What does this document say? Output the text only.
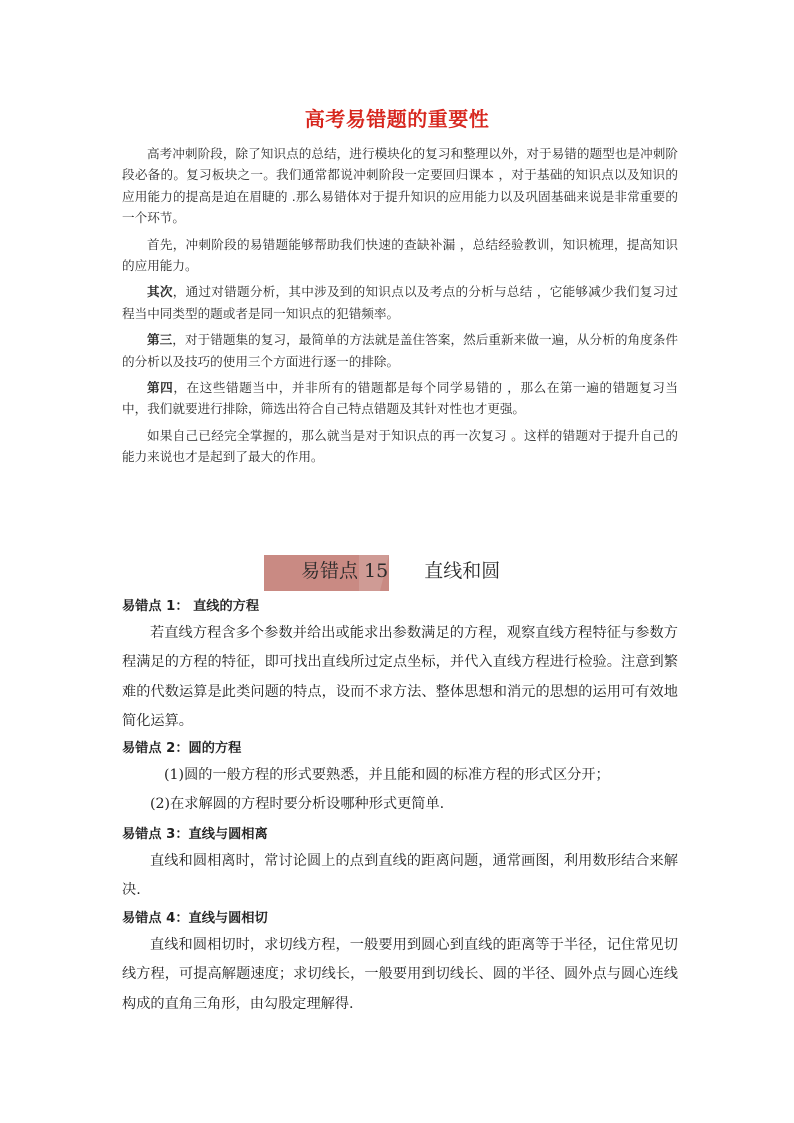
高考易错题的重要性

高考冲刺阶段，除了知识点的总结，进行模块化的复习和整理以外，对于易错的题型也是冲刺阶段必备的。复习板块之一。我们通常都说冲刺阶段一定要回归课本 ，对于基础的知识点以及知识的应用能力的提高是迫在眉睫的 .那么易错体对于提升知识的应用能力以及巩固基础来说是非常重要的一个环节。

首先，冲刺阶段的易错题能够帮助我们快速的查缺补漏 ，总结经验教训，知识梳理，提高知识的应用能力。

其次，通过对错题分析，其中涉及到的知识点以及考点的分析与总结 ，它能够减少我们复习过程当中同类型的题或者是同一知识点的犯错频率。

第三，对于错题集的复习，最简单的方法就是盖住答案，然后重新来做一遍，从分析的角度条件的分析以及技巧的使用三个方面进行逐一的排除。

第四，在这些错题当中，并非所有的错题都是每个同学易错的 ，那么在第一遍的错题复习当中，我们就要进行排除，筛选出符合自己特点错题及其针对性也才更强。

如果自己已经完全掌握的，那么就当是对于知识点的再一次复习 。这样的错题对于提升自己的能力来说也才是起到了最大的作用。

易错点 15 直线和圆

易错点 1： 直线的方程

若直线方程含多个参数并给出或能求出参数满足的方程，观察直线方程特征与参数方程满足的方程的特征，即可找出直线所过定点坐标，并代入直线方程进行检验。注意到繁难的代数运算是此类问题的特点，设而不求方法、整体思想和消元的思想的运用可有效地简化运算。

易错点 2：圆的方程

(1)圆的一般方程的形式要熟悉，并且能和圆的标准方程的形式区分开；

(2)在求解圆的方程时要分析设哪种形式更简单.

易错点 3：直线与圆相离

直线和圆相离时，常讨论圆上的点到直线的距离问题，通常画图，利用数形结合来解决.

易错点 4：直线与圆相切

直线和圆相切时，求切线方程，一般要用到圆心到直线的距离等于半径，记住常见切线方程，可提高解题速度；求切线长，一般要用到切线长、圆的半径、圆外点与圆心连线构成的直角三角形，由勾股定理解得.
